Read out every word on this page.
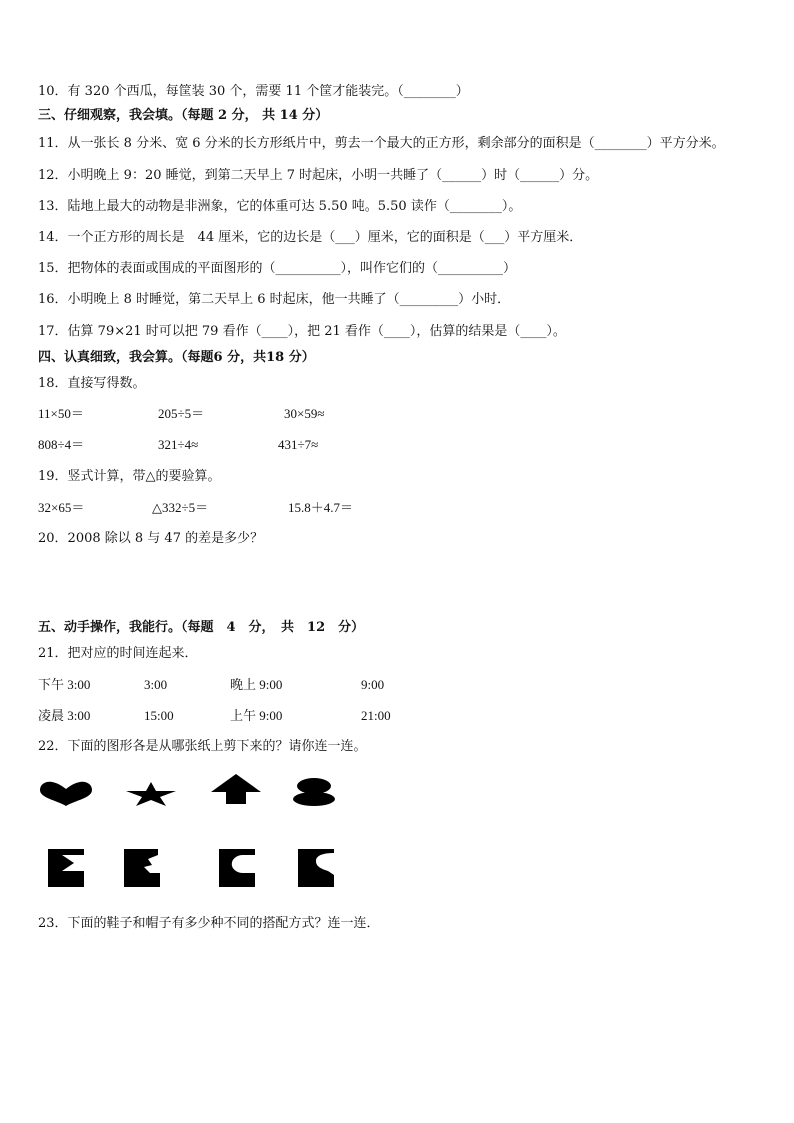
10．有 320 个西瓜，每筐装 30 个，需要 11 个筐才能装完。（________）
三、仔细观察，我会填。（每题 2 分， 共 14 分）
11．从一张长 8 分米、宽 6 分米的长方形纸片中，剪去一个最大的正方形，剩余部分的面积是（________）平方分米。
12．小明晚上 9：20 睡觉，到第二天早上 7 时起床，小明一共睡了（______）时（______）分。
13．陆地上最大的动物是非洲象，它的体重可达 5.50 吨。5.50 读作（________）。
14．一个正方形的周长是　44 厘米，它的边长是（___）厘米，它的面积是（___）平方厘米．
15．把物体的表面或围成的平面图形的（__________），叫作它们的（__________）
16．小明晚上 8 时睡觉，第二天早上 6 时起床，他一共睡了（_________）小时．
17．估算 79×21 时可以把 79 看作（____），把 21 看作（____），估算的结果是（____）。
四、认真细致，我会算。（每题6 分，共18 分）
18．直接写得数。
11×50＝	205÷5＝	30×59≈
808÷4＝	321÷4≈	431÷7≈
19．竖式计算，带△的要验算。
32×65＝	△332÷5＝	15.8＋4.7＝
20．2008 除以 8 与 47 的差是多少？
五、动手操作，我能行。（每题　4　分，　共　12　分）
21．把对应的时间连起来．
下午 3:00	3:00	晚上 9:00	9:00
凌晨 3:00	15:00	上午 9:00	21:00
22．下面的图形各是从哪张纸上剪下来的？请你连一连。
23．下面的鞋子和帽子有多少种不同的搭配方式？连一连．
